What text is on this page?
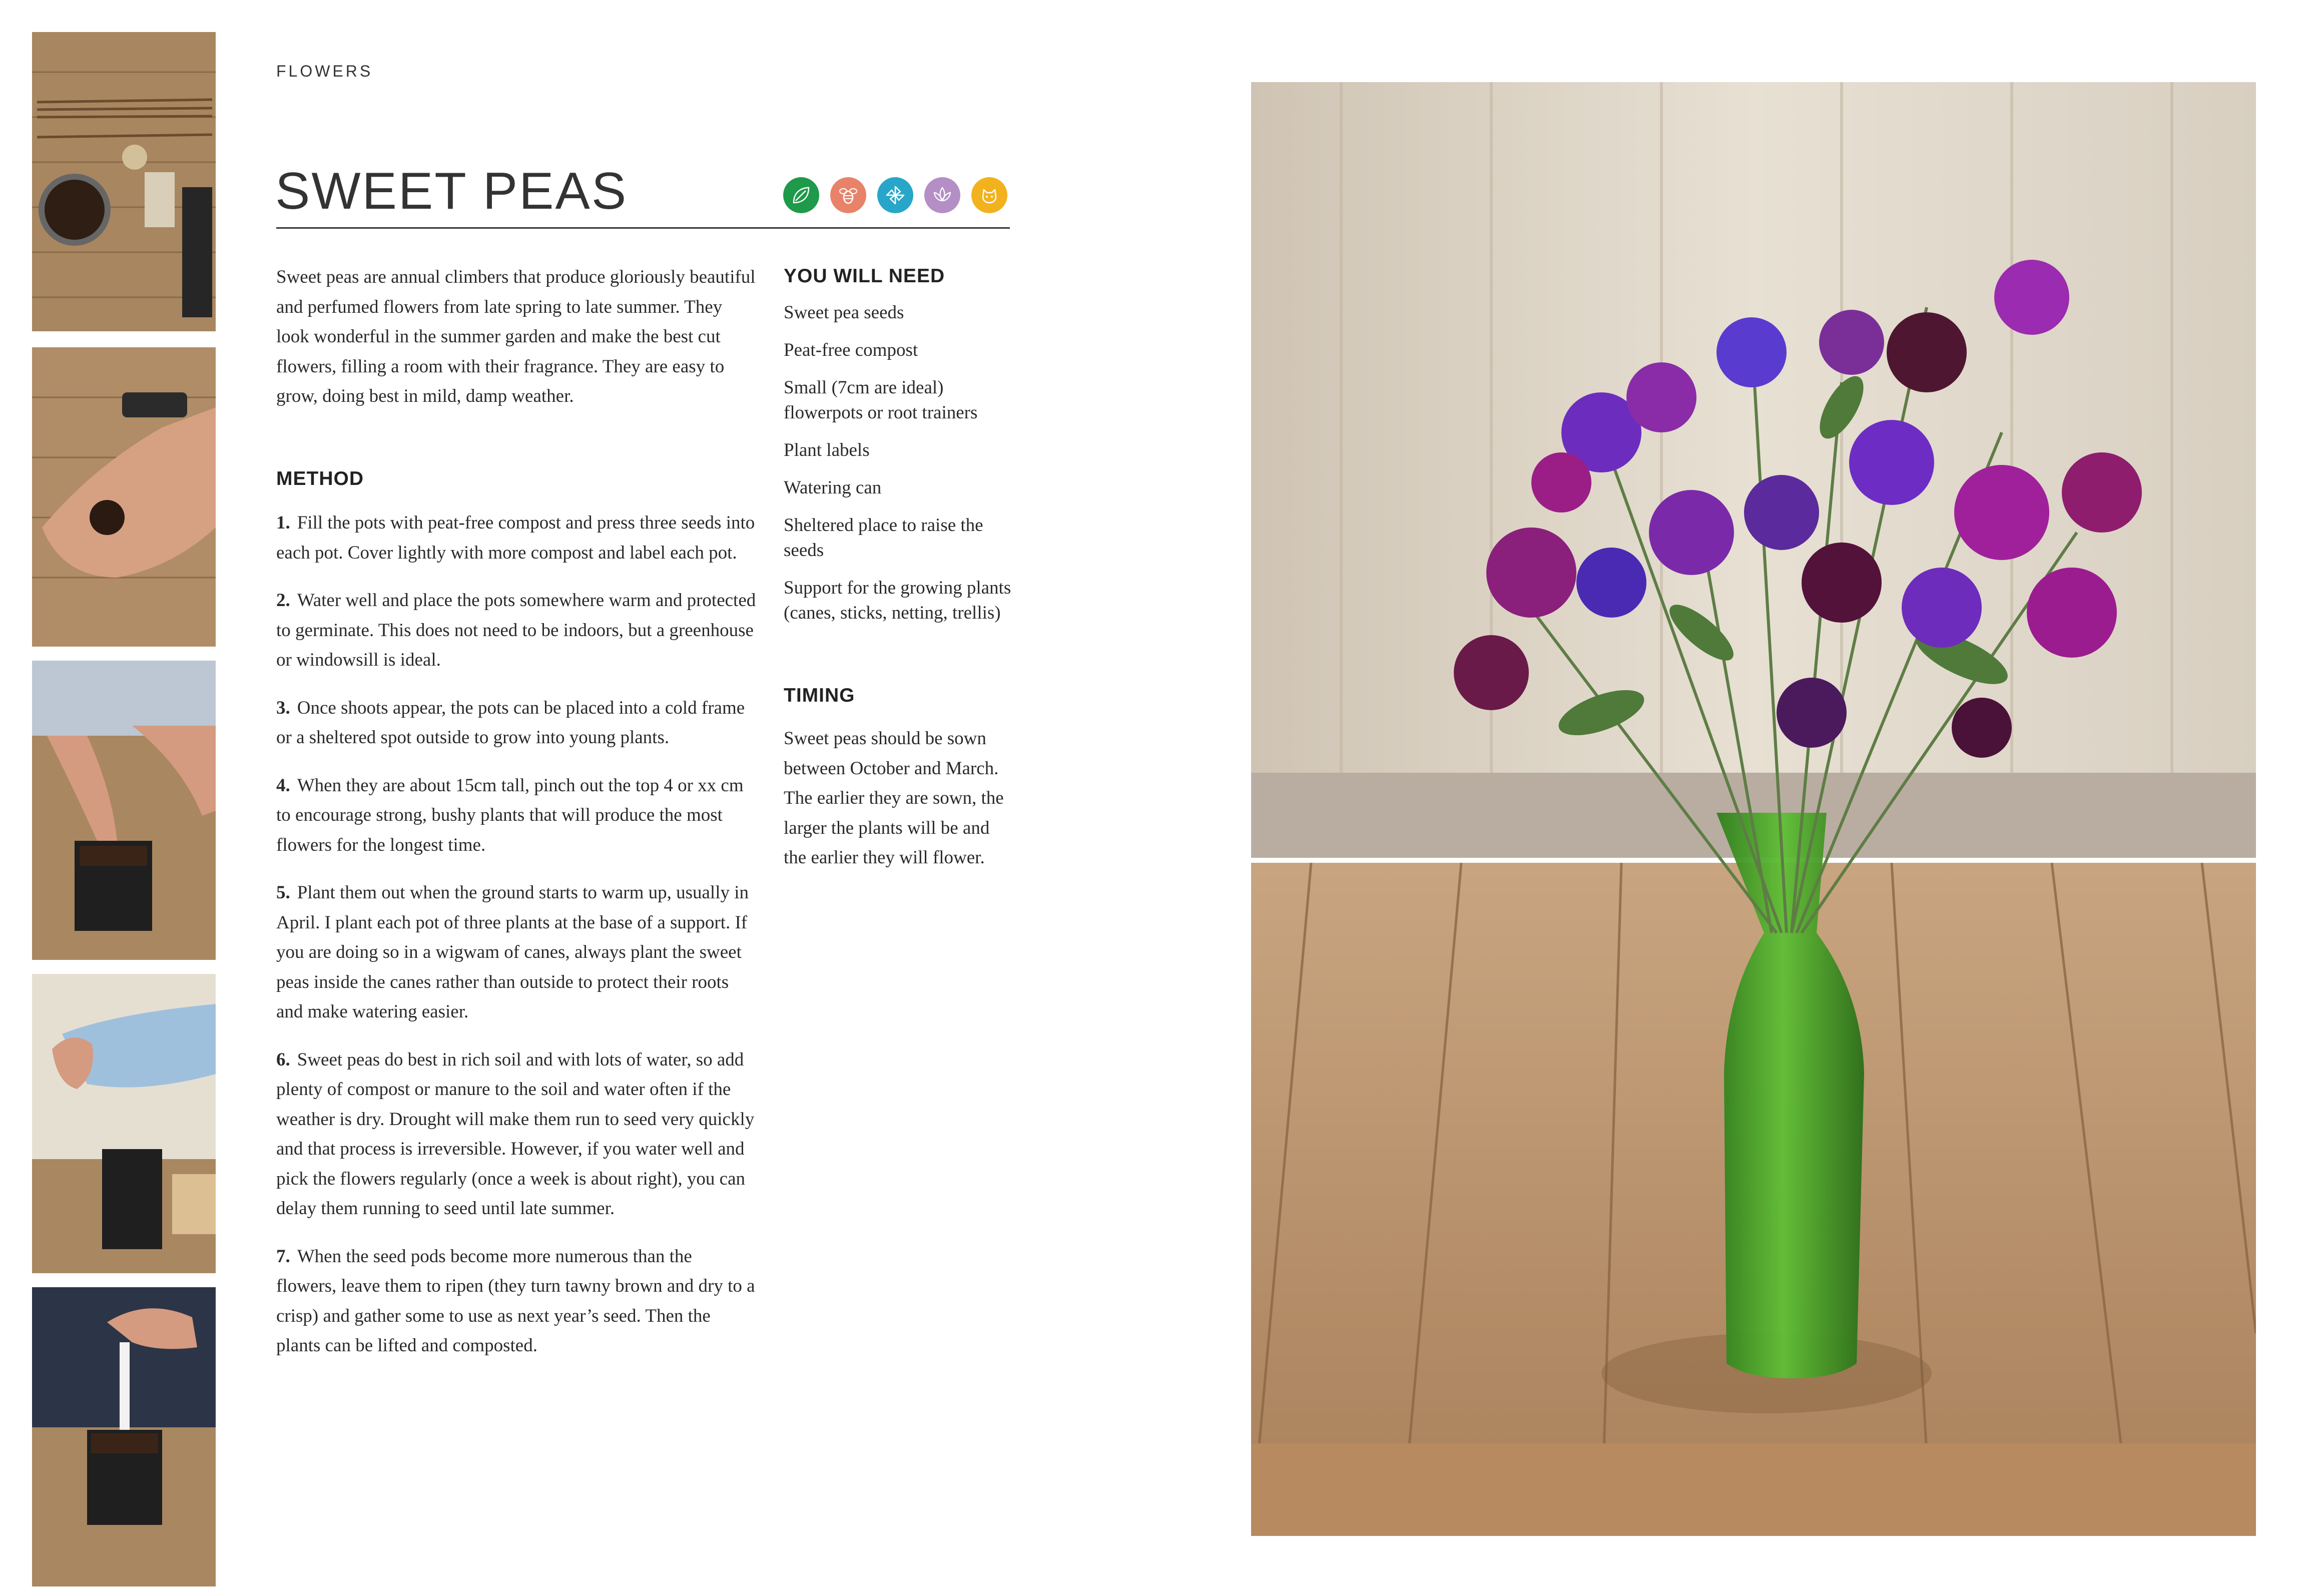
FLOWERS
SWEET PEAS
Sweet peas are annual climbers that produce gloriously beautiful and perfumed flowers from late spring to late summer. They look wonderful in the summer garden and make the best cut flowers, filling a room with their fragrance. They are easy to grow, doing best in mild, damp weather.
METHOD

1. Fill the pots with peat-free compost and press three seeds into each pot. Cover lightly with more compost and label each pot.

2. Water well and place the pots somewhere warm and protected to germinate. This does not need to be indoors, but a greenhouse or windowsill is ideal.

3. Once shoots appear, the pots can be placed into a cold frame or a sheltered spot outside to grow into young plants.

4. When they are about 15cm tall, pinch out the top 4 or xx cm to encourage strong, bushy plants that will produce the most flowers for the longest time.

5. Plant them out when the ground starts to warm up, usually in April. I plant each pot of three plants at the base of a support. If you are doing so in a wigwam of canes, always plant the sweet peas inside the canes rather than outside to protect their roots and make watering easier.

6. Sweet peas do best in rich soil and with lots of water, so add plenty of compost or manure to the soil and water often if the weather is dry. Drought will make them run to seed very quickly and that process is irreversible. However, if you water well and pick the flowers regularly (once a week is about right), you can delay them running to seed until late summer.

7. When the seed pods become more numerous than the flowers, leave them to ripen (they turn tawny brown and dry to a crisp) and gather some to use as next year’s seed. Then the plants can be lifted and composted.

YOU WILL NEED
Sweet pea seeds
Peat-free compost
Small (7cm are ideal) flowerpots or root trainers
Plant labels
Watering can
Sheltered place to raise the seeds
Support for the growing plants (canes, sticks, netting, trellis)
TIMING
Sweet peas should be sown between October and March. The earlier they are sown, the larger the plants will be and the earlier they will flower.
